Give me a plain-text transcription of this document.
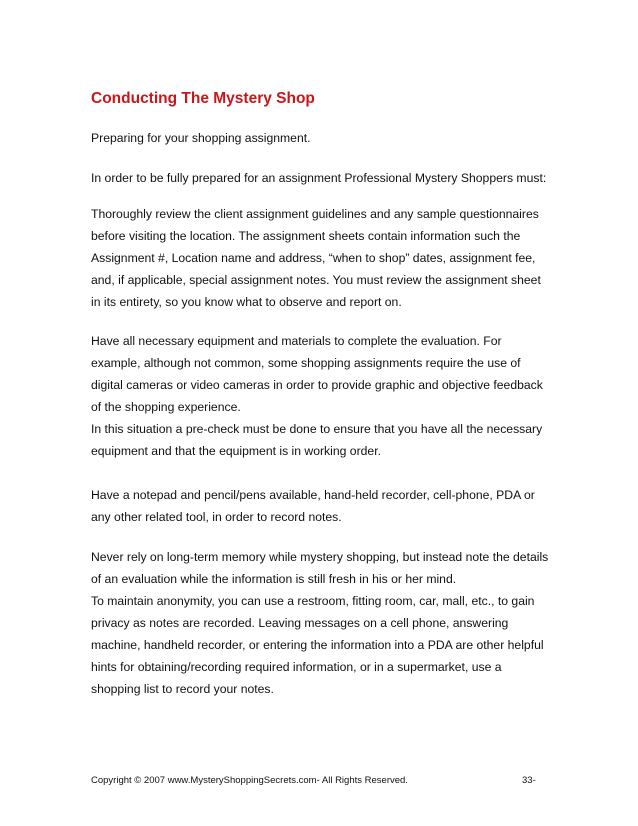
Conducting The Mystery Shop

Preparing for your shopping assignment.

In order to be fully prepared for an assignment Professional Mystery Shoppers must:

Thoroughly review the client assignment guidelines and any sample questionnaires
before visiting the location. The assignment sheets contain information such the
Assignment #, Location name and address, “when to shop” dates, assignment fee,
and, if applicable, special assignment notes. You must review the assignment sheet
in its entirety, so you know what to observe and report on.
Have all necessary equipment and materials to complete the evaluation. For
example, although not common, some shopping assignments require the use of
digital cameras or video cameras in order to provide graphic and objective feedback
of the shopping experience.
In this situation a pre-check must be done to ensure that you have all the necessary
equipment and that the equipment is in working order.
Have a notepad and pencil/pens available, hand-held recorder, cell-phone, PDA or
any other related tool, in order to record notes.
Never rely on long-term memory while mystery shopping, but instead note the details
of an evaluation while the information is still fresh in his or her mind.
To maintain anonymity, you can use a restroom, fitting room, car, mall, etc., to gain
privacy as notes are recorded. Leaving messages on a cell phone, answering
machine, handheld recorder, or entering the information into a PDA are other helpful
hints for obtaining/recording required information, or in a supermarket, use a
shopping list to record your notes.

Copyright © 2007 www.MysteryShoppingSecrets.com- All Rights Reserved.	33-
